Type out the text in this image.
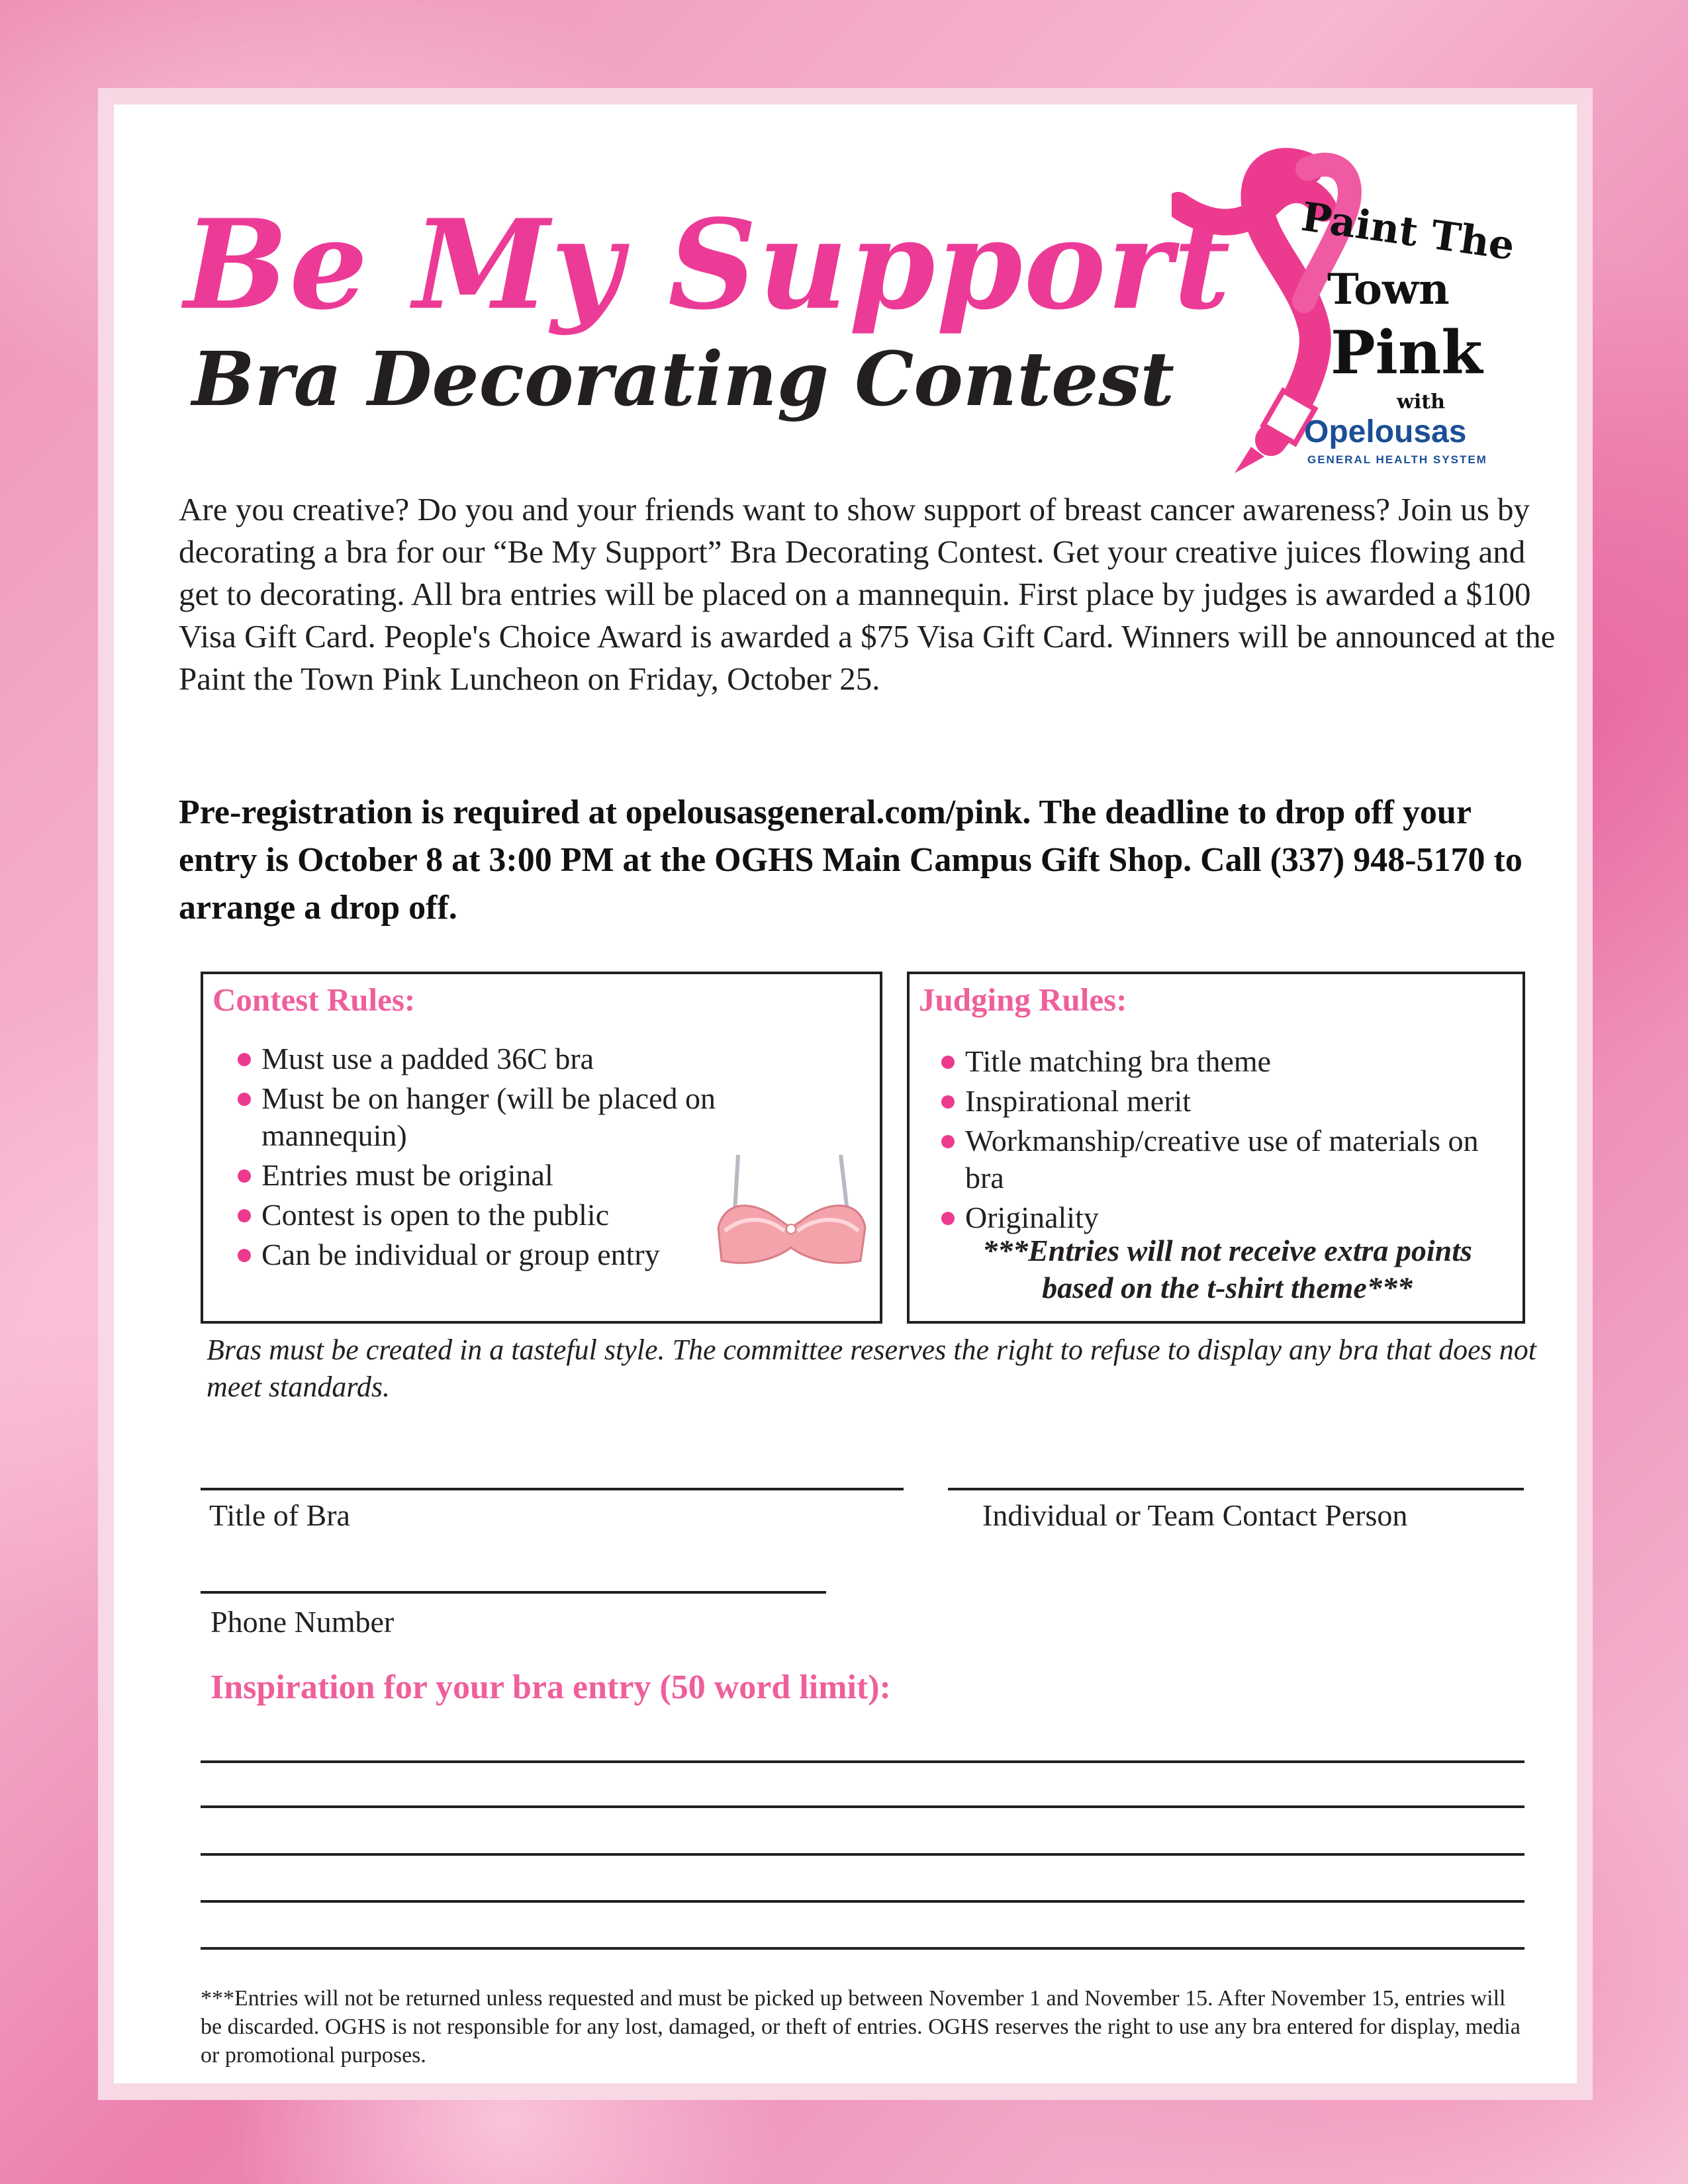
Be My Support
Bra Decorating Contest
Paint The
Town
Pink
with
Opelousas
GENERAL HEALTH SYSTEM

Are you creative? Do you and your friends want to show support of breast cancer awareness? Join us by decorating a bra for our “Be My Support” Bra Decorating Contest. Get your creative juices flowing and get to decorating. All bra entries will be placed on a mannequin. First place by judges is awarded a $100 Visa Gift Card. People's Choice Award is awarded a $75 Visa Gift Card. Winners will be announced at the Paint the Town Pink Luncheon on Friday, October 25.

Pre-registration is required at opelousasgeneral.com/pink. The deadline to drop off your entry is October 8 at 3:00 PM at the OGHS Main Campus Gift Shop. Call (337) 948-5170 to arrange a drop off.

Contest Rules:
Must use a padded 36C bra
Must be on hanger (will be placed on mannequin)
Entries must be original
Contest is open to the public
Can be individual or group entry
Judging Rules:
Title matching bra theme
Inspirational merit
Workmanship/creative use of materials on bra
Originality
***Entries will not receive extra points based on the t-shirt theme***

Bras must be created in a tasteful style. The committee reserves the right to refuse to display any bra that does not meet standards.

Title of Bra	Individual or Team Contact Person
Phone Number
Inspiration for your bra entry (50 word limit):

***Entries will not be returned unless requested and must be picked up between November 1 and November 15. After November 15, entries will be discarded. OGHS is not responsible for any lost, damaged, or theft of entries. OGHS reserves the right to use any bra entered for display, media or promotional purposes.
